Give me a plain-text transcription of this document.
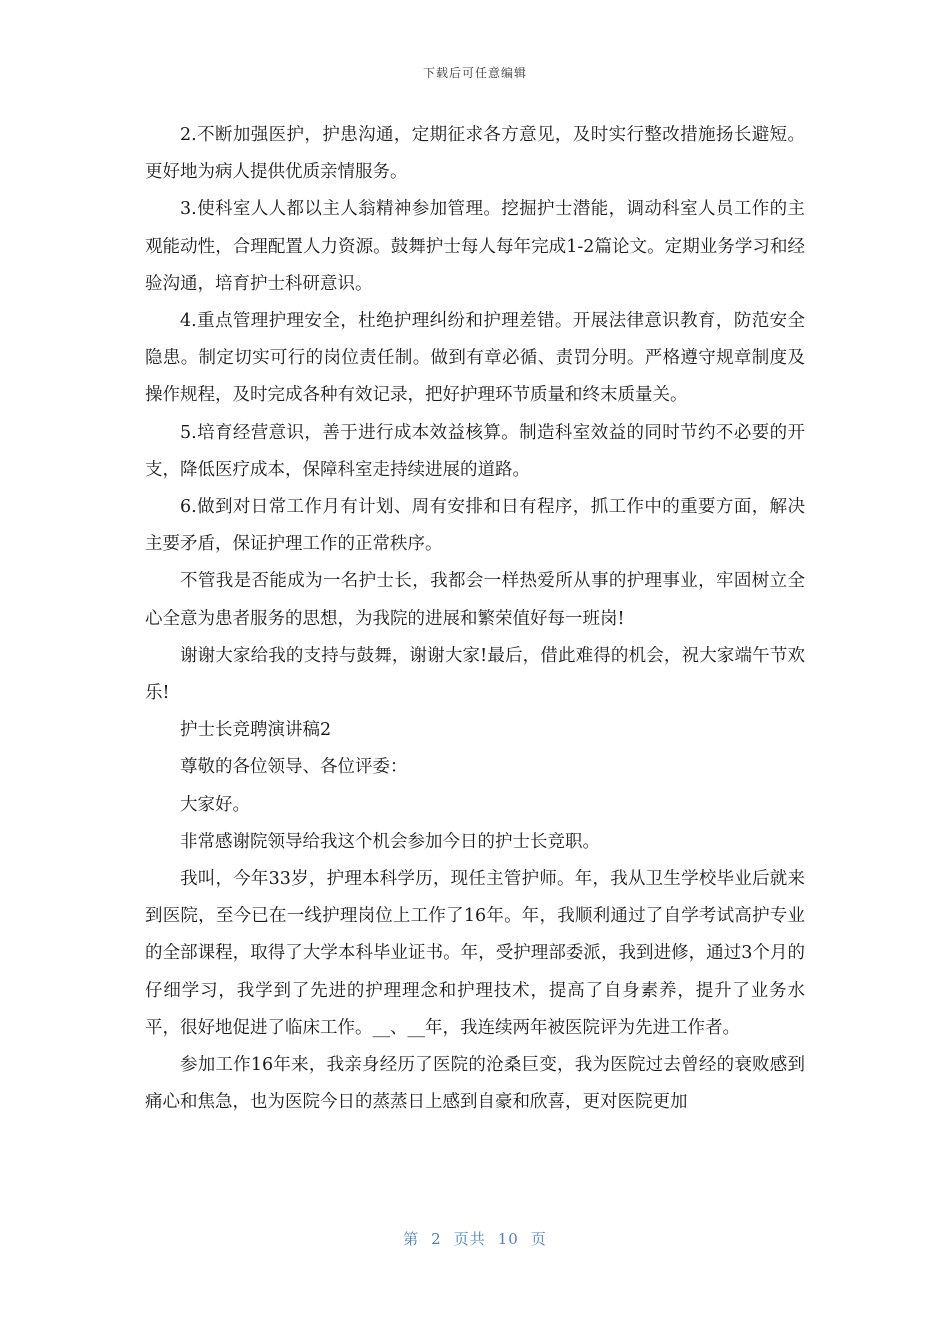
下载后可任意编辑

2.不断加强医护，护患沟通，定期征求各方意见，及时实行整改措施扬长避短。更好地为病人提供优质亲情服务。

3.使科室人人都以主人翁精神参加管理。挖掘护士潜能，调动科室人员工作的主观能动性，合理配置人力资源。鼓舞护士每人每年完成1-2篇论文。定期业务学习和经验沟通，培育护士科研意识。

4.重点管理护理安全，杜绝护理纠纷和护理差错。开展法律意识教育，防范安全隐患。制定切实可行的岗位责任制。做到有章必循、责罚分明。严格遵守规章制度及操作规程，及时完成各种有效记录，把好护理环节质量和终末质量关。

5.培育经营意识，善于进行成本效益核算。制造科室效益的同时节约不必要的开支，降低医疗成本，保障科室走持续进展的道路。

6.做到对日常工作月有计划、周有安排和日有程序，抓工作中的重要方面，解决主要矛盾，保证护理工作的正常秩序。

不管我是否能成为一名护士长，我都会一样热爱所从事的护理事业，牢固树立全心全意为患者服务的思想，为我院的进展和繁荣值好每一班岗!

谢谢大家给我的支持与鼓舞，谢谢大家!最后，借此难得的机会，祝大家端午节欢乐!

护士长竞聘演讲稿2

尊敬的各位领导、各位评委：

大家好。

非常感谢院领导给我这个机会参加今日的护士长竞职。

我叫，今年33岁，护理本科学历，现任主管护师。年，我从卫生学校毕业后就来到医院，至今已在一线护理岗位上工作了16年。年，我顺利通过了自学考试高护专业的全部课程，取得了大学本科毕业证书。年，受护理部委派，我到进修，通过3个月的仔细学习，我学到了先进的护理理念和护理技术，提高了自身素养，提升了业务水平，很好地促进了临床工作。__、__年，我连续两年被医院评为先进工作者。

参加工作16年来，我亲身经历了医院的沧桑巨变，我为医院过去曾经的衰败感到痛心和焦急，也为医院今日的蒸蒸日上感到自豪和欣喜，更对医院更加

第 2 页共 10 页
